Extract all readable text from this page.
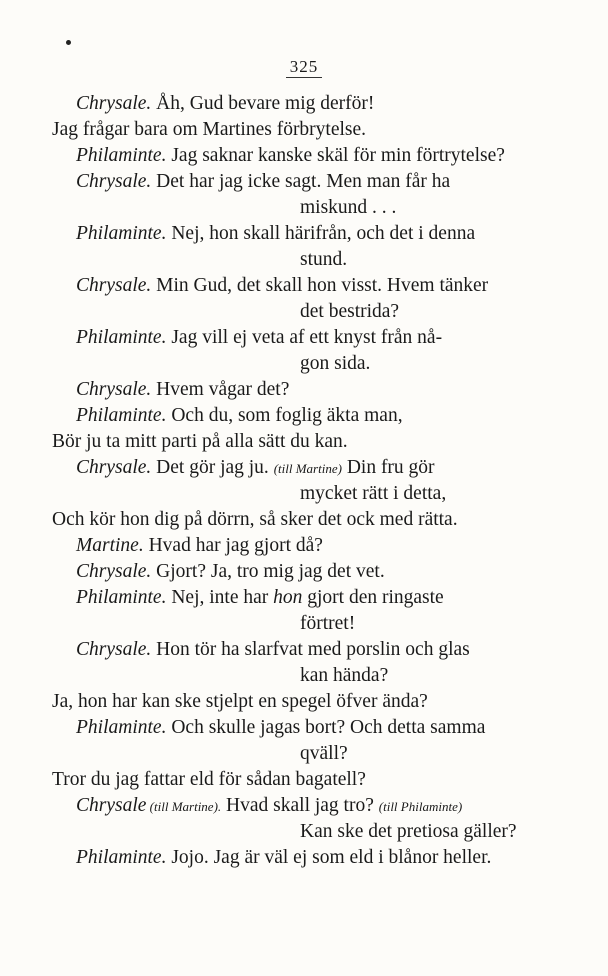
325
Chrysale. Åh, Gud bevare mig derför!
Jag frågar bara om Martines förbrytelse.
Philaminte. Jag saknar kanske skäl för min förtrytelse?
Chrysale. Det har jag icke sagt. Men man får ha
miskund . . .
Philaminte. Nej, hon skall härifrån, och det i denna
stund.
Chrysale. Min Gud, det skall hon visst. Hvem tänker
det bestrida?
Philaminte. Jag vill ej veta af ett knyst från nå-
gon sida.
Chrysale. Hvem vågar det?
Philaminte. Och du, som foglig äkta man,
Bör ju ta mitt parti på alla sätt du kan.
Chrysale. Det gör jag ju. (till Martine) Din fru gör
mycket rätt i detta,
Och kör hon dig på dörrn, så sker det ock med rätta.
Martine. Hvad har jag gjort då?
Chrysale. Gjort? Ja, tro mig jag det vet.
Philaminte. Nej, inte har hon gjort den ringaste
förtret!
Chrysale. Hon tör ha slarfvat med porslin och glas
kan hända?
Ja, hon har kan ske stjelpt en spegel öfver ända?
Philaminte. Och skulle jagas bort? Och detta samma
qväll?
Tror du jag fattar eld för sådan bagatell?
Chrysale (till Martine). Hvad skall jag tro? (till Philaminte)
Kan ske det pretiosa gäller?
Philaminte. Jojo. Jag är väl ej som eld i blånor heller.
